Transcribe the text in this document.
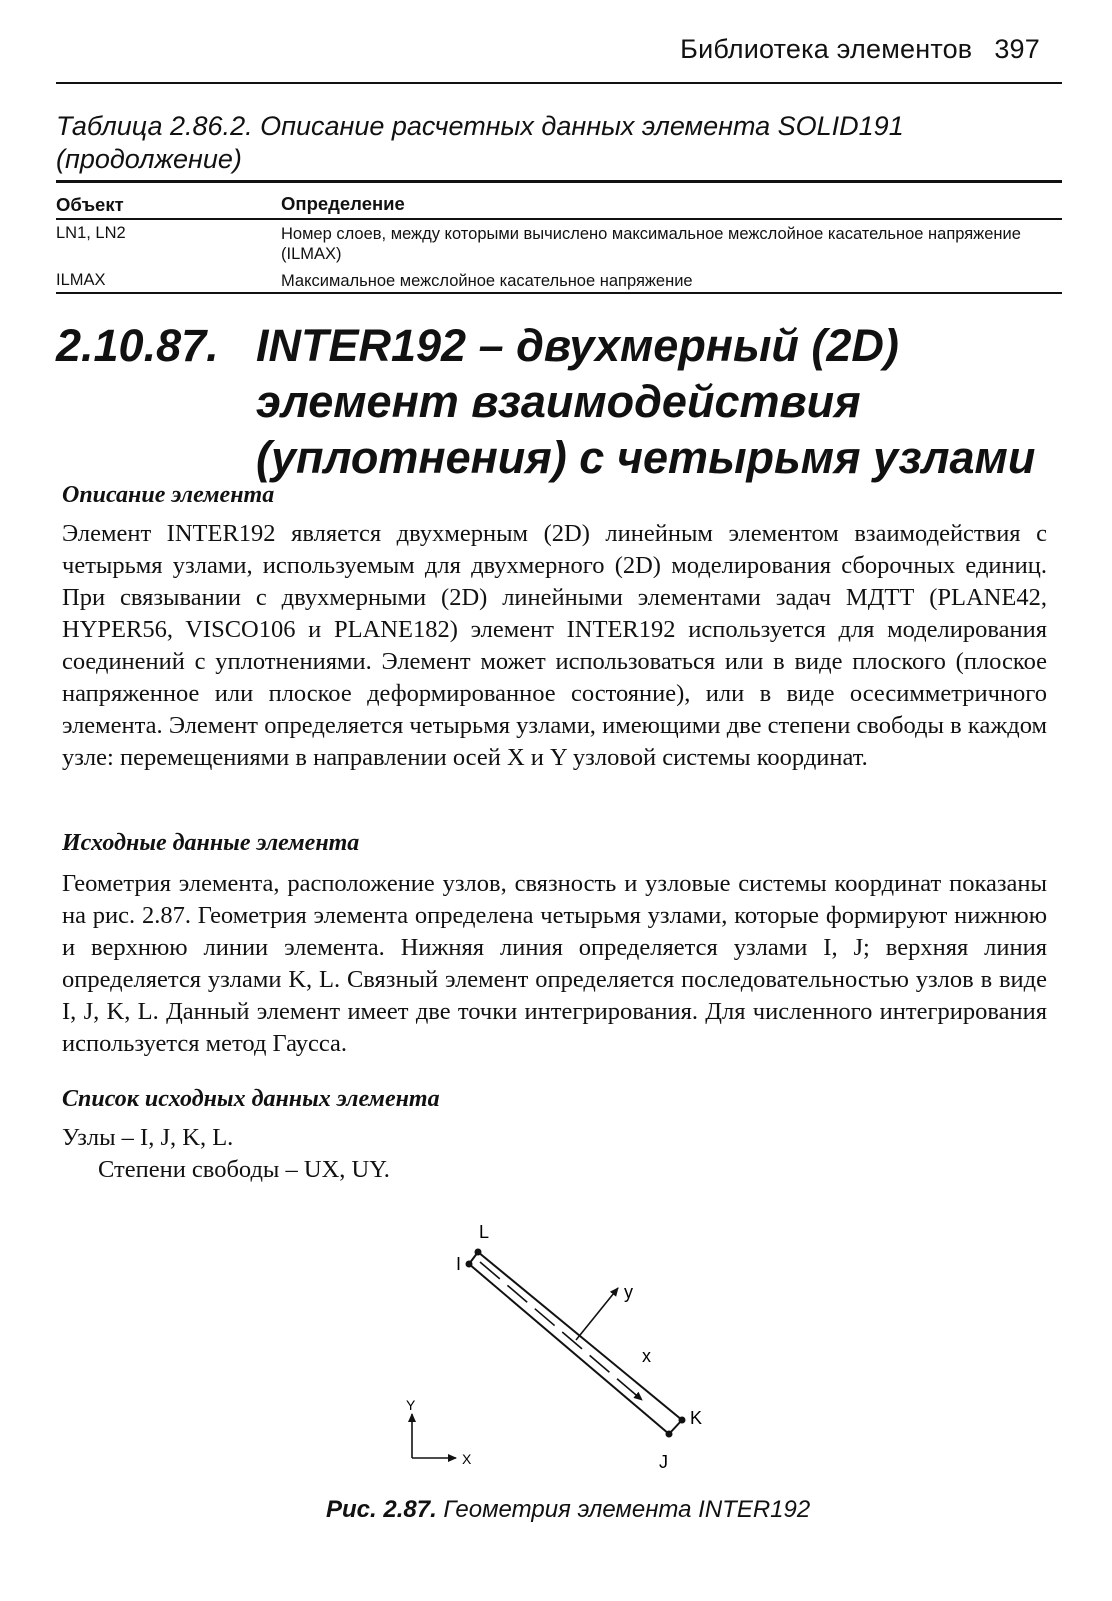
Библиотека элементов 397
Таблица 2.86.2. Описание расчетных данных элемента SOLID191 (продолжение)
Объект	Определение
LN1, LN2	Номер слоев, между которыми вычислено максимальное межслойное касательное напряжение (ILMAX)
ILMAX	Максимальное межслойное касательное напряжение
2.10.87. INTER192 – двухмерный (2D)
элемент взаимодействия
(уплотнения) с четырьмя узлами
Описание элемента
Элемент INTER192 является двухмерным (2D) линейным элементом взаимодействия с четырьмя узлами, используемым для двухмерного (2D) моделирования сборочных единиц. При связывании с двухмерными (2D) линейными элементами задач МДТТ (PLANE42, HYPER56, VISCO106 и PLANE182) элемент INTER192 используется для моделирования соединений с уплотнениями. Элемент может использоваться или в виде плоского (плоское напряженное или плоское деформированное состояние), или в виде осесимметричного элемента. Элемент определяется четырьмя узлами, имеющими две степени свободы в каждом узле: перемещениями в направлении осей X и Y узловой системы координат.
Исходные данные элемента
Геометрия элемента, расположение узлов, связность и узловые системы координат показаны на рис. 2.87. Геометрия элемента определена четырьмя узлами, которые формируют нижнюю и верхнюю линии элемента. Нижняя линия определяется узлами I, J; верхняя линия определяется узлами K, L. Связный элемент определяется последовательностью узлов в виде I, J, K, L. Данный элемент имеет две точки интегрирования. Для численного интегрирования используется метод Гаусса.
Список исходных данных элемента
Узлы – I, J, K, L.
Степени свободы – UX, UY.
L
I
K
J
y
x
Y
X
Рис. 2.87. Геометрия элемента INTER192
